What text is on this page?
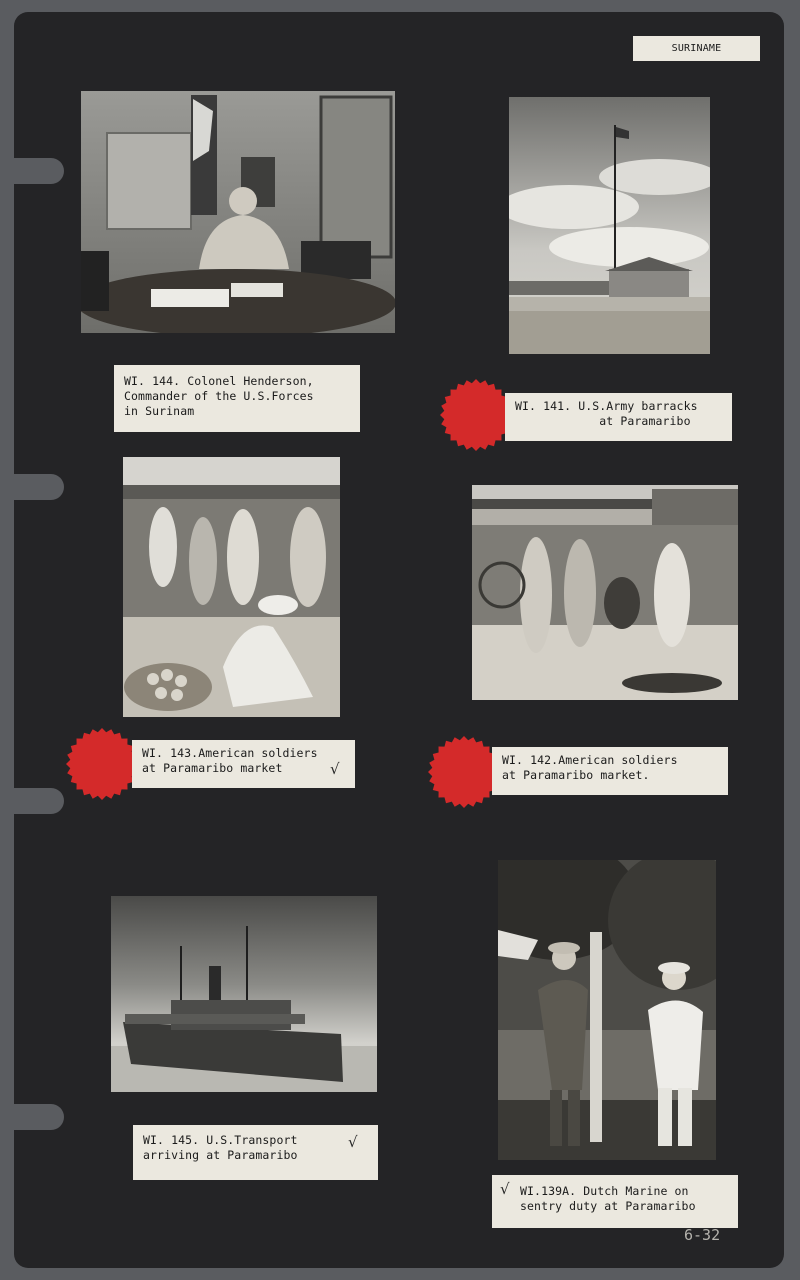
SURINAME
WI. 144. Colonel Henderson,
Commander of the U.S.Forces
in Surinam	WI. 141. U.S.Army barracks
at Paramaribo
WI. 143.American soldiers
at Paramaribo market	√	WI. 142.American soldiers
at Paramaribo market.
WI. 145. U.S.Transport
arriving at Paramaribo
√
WI.139A. Dutch Marine on
sentry duty at Paramaribo
√
6-32
